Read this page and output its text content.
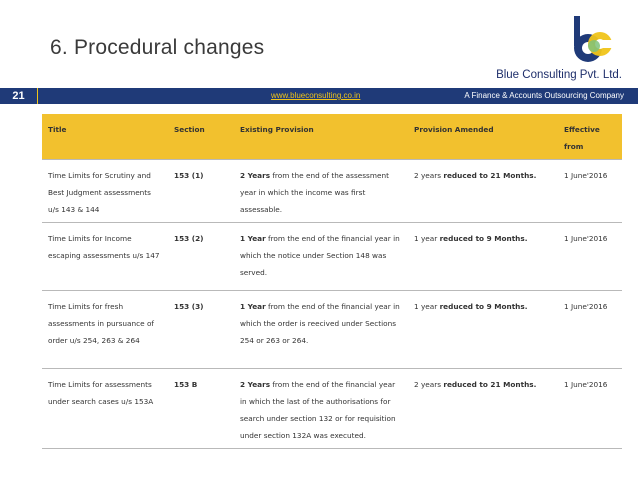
6. Procedural changes
Blue Consulting Pvt. Ltd.
21	www.blueconsulting.co.in	A Finance & Accounts Outsourcing Company
Title	Section	Existing Provision	Provision Amended	Effective from
Time Limits for Scrutiny and Best Judgment assessments u/s 143 & 144	153 (1)	2 Years from the end of the assessment year in which the income was first assessable.	2 years reduced to 21 Months.	1 June'2016
Time Limits for Income escaping assessments u/s 147	153 (2)	1 Year from the end of the financial year in which the notice under Section 148 was served.	1 year reduced to 9 Months.	1 June'2016
Time Limits for fresh assessments in pursuance of order u/s 254, 263 & 264	153 (3)	1 Year from the end of the financial year in which the order is reecived under Sections 254 or 263 or 264.	1 year reduced to 9 Months.	1 June'2016
Time Limits for assessments under search cases u/s 153A	153 B	2 Years from the end of the financial year in which the last of the authorisations for search under section 132 or for requisition under section 132A was executed.	2 years reduced to 21 Months.	1 June'2016
